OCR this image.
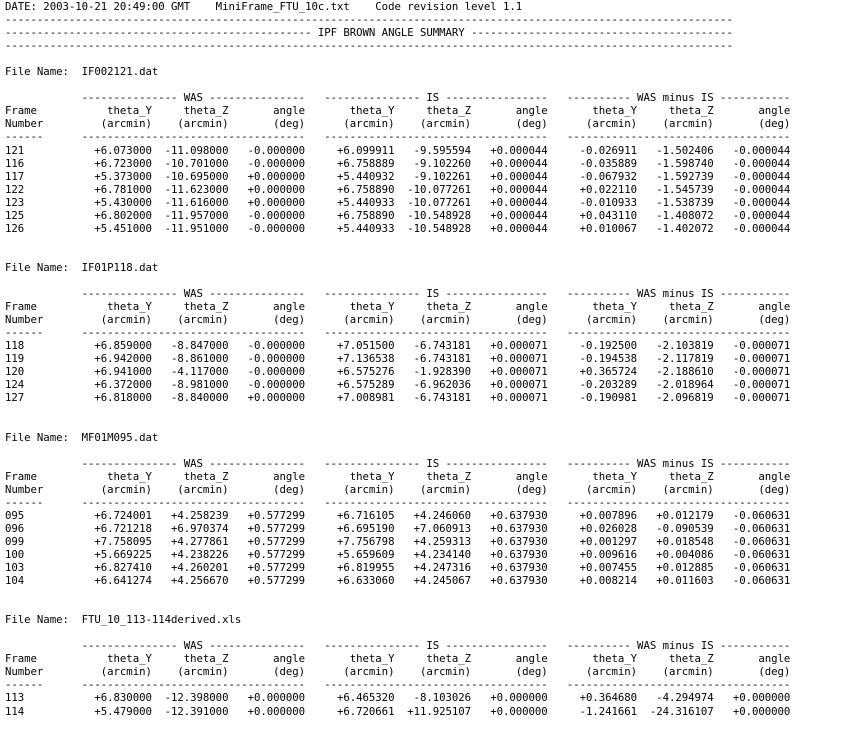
DATE: 2003-10-21 20:49:00 GMT    MiniFrame_FTU_10c.txt    Code revision level 1.1
------------------------------------------------------------------------------------------------------------------
------------------------------------------------ IPF BROWN ANGLE SUMMARY -----------------------------------------
------------------------------------------------------------------------------------------------------------------

File Name:  IF002121.dat

--------------- WAS ---------------   --------------- IS ----------------   ---------- WAS minus IS -----------
Frame           theta_Y     theta_Z       angle       theta_Y     theta_Z       angle       theta_Y     theta_Z       angle
Number         (arcmin)    (arcmin)       (deg)      (arcmin)    (arcmin)       (deg)      (arcmin)    (arcmin)       (deg)
------      -----------------------------------   -----------------------------------   -----------------------------------
121           +6.073000  -11.098000   -0.000000     +6.099911   -9.595594   +0.000044     -0.026911   -1.502406   -0.000044
116           +6.723000  -10.701000   -0.000000     +6.758889   -9.102260   +0.000044     -0.035889   -1.598740   -0.000044
117           +5.373000  -10.695000   +0.000000     +5.440932   -9.102261   +0.000044     -0.067932   -1.592739   -0.000044
122           +6.781000  -11.623000   +0.000000     +6.758890  -10.077261   +0.000044     +0.022110   -1.545739   -0.000044
123           +5.430000  -11.616000   +0.000000     +5.440933  -10.077261   +0.000044     -0.010933   -1.538739   -0.000044
125           +6.802000  -11.957000   -0.000000     +6.758890  -10.548928   +0.000044     +0.043110   -1.408072   -0.000044
126           +5.451000  -11.951000   -0.000000     +5.440933  -10.548928   +0.000044     +0.010067   -1.402072   -0.000044

File Name:  IF01P118.dat

--------------- WAS ---------------   --------------- IS ----------------   ---------- WAS minus IS -----------
Frame           theta_Y     theta_Z       angle       theta_Y     theta_Z       angle       theta_Y     theta_Z       angle
Number         (arcmin)    (arcmin)       (deg)      (arcmin)    (arcmin)       (deg)      (arcmin)    (arcmin)       (deg)
------      -----------------------------------   -----------------------------------   -----------------------------------
118           +6.859000   -8.847000   -0.000000     +7.051500   -6.743181   +0.000071     -0.192500   -2.103819   -0.000071
119           +6.942000   -8.861000   -0.000000     +7.136538   -6.743181   +0.000071     -0.194538   -2.117819   -0.000071
120           +6.941000   -4.117000   -0.000000     +6.575276   -1.928390   +0.000071     +0.365724   -2.188610   -0.000071
124           +6.372000   -8.981000   -0.000000     +6.575289   -6.962036   +0.000071     -0.203289   -2.018964   -0.000071
127           +6.818000   -8.840000   +0.000000     +7.008981   -6.743181   +0.000071     -0.190981   -2.096819   -0.000071

File Name:  MF01M095.dat

--------------- WAS ---------------   --------------- IS ----------------   ---------- WAS minus IS -----------
Frame           theta_Y     theta_Z       angle       theta_Y     theta_Z       angle       theta_Y     theta_Z       angle
Number         (arcmin)    (arcmin)       (deg)      (arcmin)    (arcmin)       (deg)      (arcmin)    (arcmin)       (deg)
------      -----------------------------------   -----------------------------------   -----------------------------------
095           +6.724001   +4.258239   +0.577299     +6.716105   +4.246060   +0.637930     +0.007896   +0.012179   -0.060631
096           +6.721218   +6.970374   +0.577299     +6.695190   +7.060913   +0.637930     +0.026028   -0.090539   -0.060631
099           +7.758095   +4.277861   +0.577299     +7.756798   +4.259313   +0.637930     +0.001297   +0.018548   -0.060631
100           +5.669225   +4.238226   +0.577299     +5.659609   +4.234140   +0.637930     +0.009616   +0.004086   -0.060631
103           +6.827410   +4.260201   +0.577299     +6.819955   +4.247316   +0.637930     +0.007455   +0.012885   -0.060631
104           +6.641274   +4.256670   +0.577299     +6.633060   +4.245067   +0.637930     +0.008214   +0.011603   -0.060631

File Name:  FTU_10_113-114derived.xls

--------------- WAS ---------------   --------------- IS ----------------   ---------- WAS minus IS -----------
Frame           theta_Y     theta_Z       angle       theta_Y     theta_Z       angle       theta_Y     theta_Z       angle
Number         (arcmin)    (arcmin)       (deg)      (arcmin)    (arcmin)       (deg)      (arcmin)    (arcmin)       (deg)
------      -----------------------------------   -----------------------------------   -----------------------------------
113           +6.830000  -12.398000   +0.000000     +6.465320   -8.103026   +0.000000     +0.364680   -4.294974   +0.000000
114           +5.479000  -12.391000   +0.000000     +6.720661  +11.925107   +0.000000     -1.241661  -24.316107   +0.000000
